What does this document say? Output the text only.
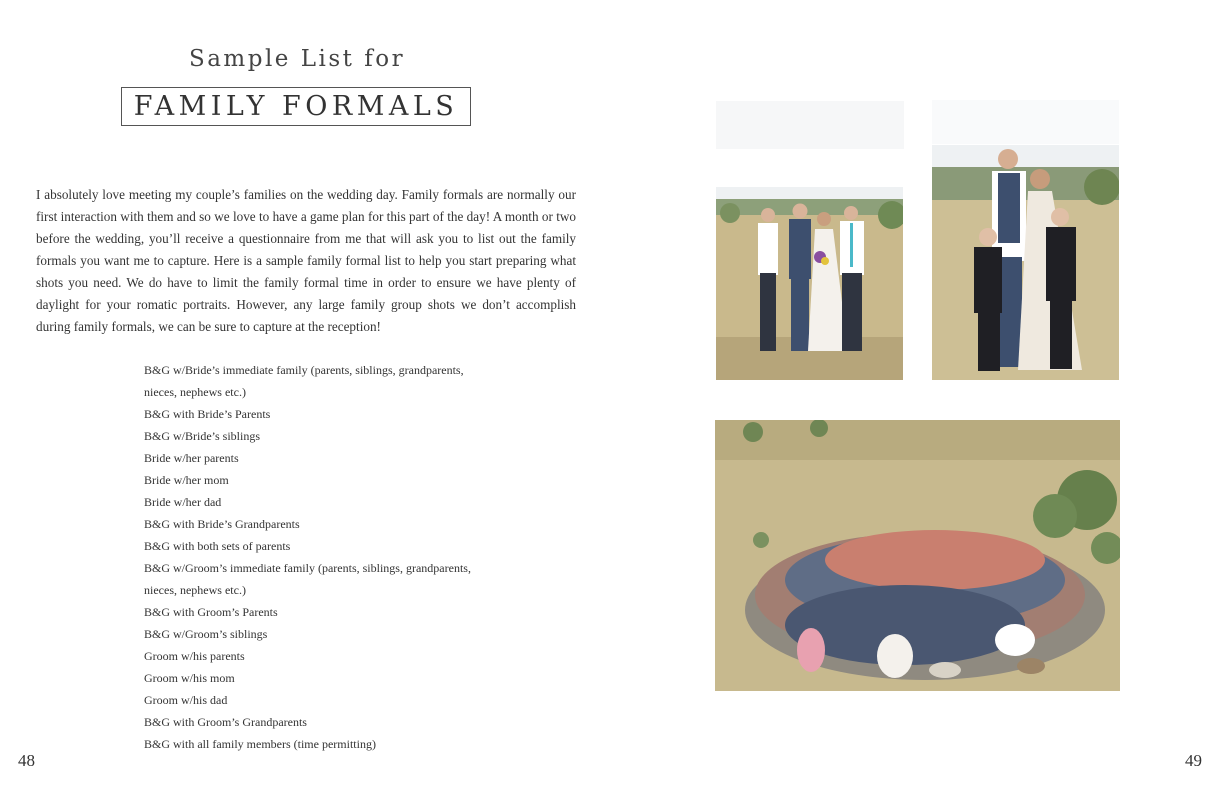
Sample List for
FAMILY FORMALS

I absolutely love meeting my couple’s families on the wedding day. Family formals are normally our first interaction with them and so we love to have a game plan for this part of the day! A month or two before the wedding, you’ll receive a questionnaire from me that will ask you to list out the family formals you want me to capture. Here is a sample family formal list to help you start preparing what shots you need. We do have to limit the family formal time in order to ensure we have plenty of daylight for your romatic portraits. However, any large family group shots we don’t accomplish during family formals, we can be sure to capture at the reception!

B&G w/Bride’s immediate family (parents, siblings, grandparents,
nieces, nephews etc.)
B&G with Bride’s Parents
B&G w/Bride’s siblings
Bride w/her parents
Bride w/her mom
Bride w/her dad
B&G with Bride’s Grandparents
B&G with both sets of parents
B&G w/Groom’s immediate family (parents, siblings, grandparents,
nieces, nephews etc.)
B&G with Groom’s Parents
B&G w/Groom’s siblings
Groom w/his parents
Groom w/his mom
Groom w/his dad
B&G with Groom’s Grandparents
B&G with all family members (time permitting)
48	49
